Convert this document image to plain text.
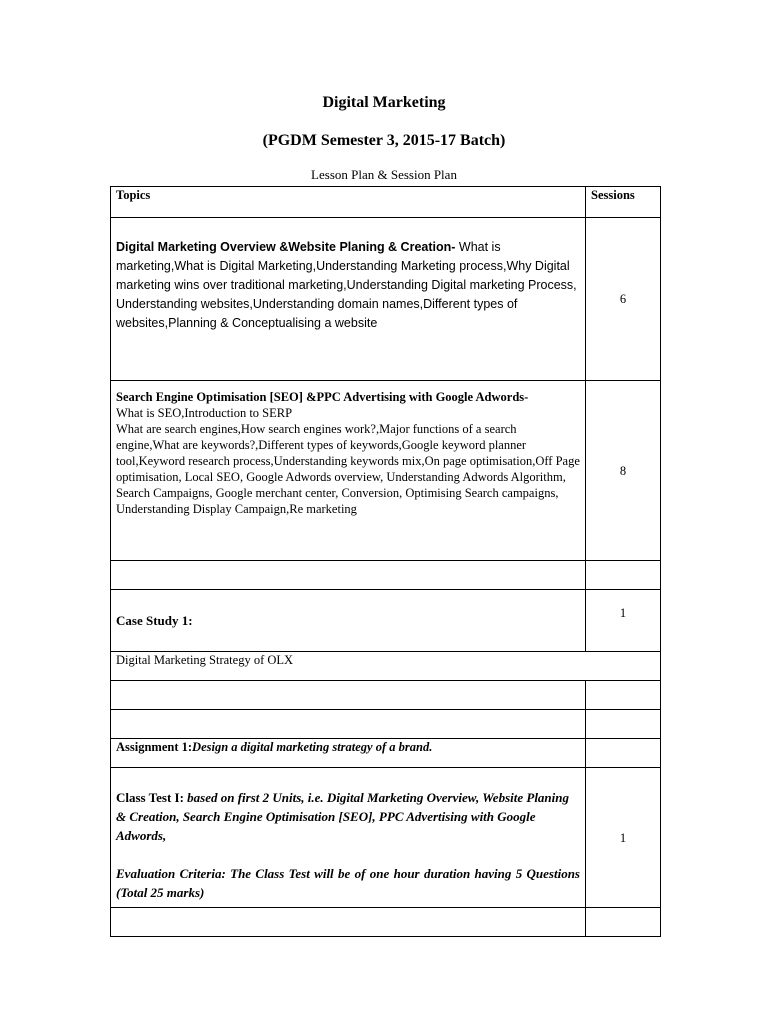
Digital Marketing
(PGDM Semester 3, 2015-17 Batch)
Lesson Plan & Session Plan
Topics	Sessions

Digital Marketing Overview &Website Planing & Creation- What is marketing,What is Digital Marketing,Understanding Marketing process,Why Digital marketing wins over traditional marketing,Understanding Digital marketing Process, Understanding websites,Understanding domain names,Different types of websites,Planning & Conceptualising a website	6

Search Engine Optimisation [SEO] &PPC Advertising with Google Adwords-
What is SEO,Introduction to SERP
What are search engines,How search engines work?,Major functions of a search engine,What are keywords?,Different types of keywords,Google keyword planner tool,Keyword research process,Understanding keywords mix,On page optimisation,Off Page optimisation, Local SEO, Google Adwords overview, Understanding Adwords Algorithm, Search Campaigns, Google merchant center, Conversion, Optimising Search campaigns, Understanding Display Campaign,Re marketing	8

Case Study 1:	1
Digital Marketing Strategy of OLX	

Assignment 1:Design a digital marketing strategy of a brand.	

Class Test I: based on first 2 Units, i.e. Digital Marketing Overview, Website Planing & Creation, Search Engine Optimisation [SEO], PPC Advertising with Google Adwords,
Evaluation Criteria: The Class Test will be of one hour duration having 5 Questions (Total 25 marks)	1
